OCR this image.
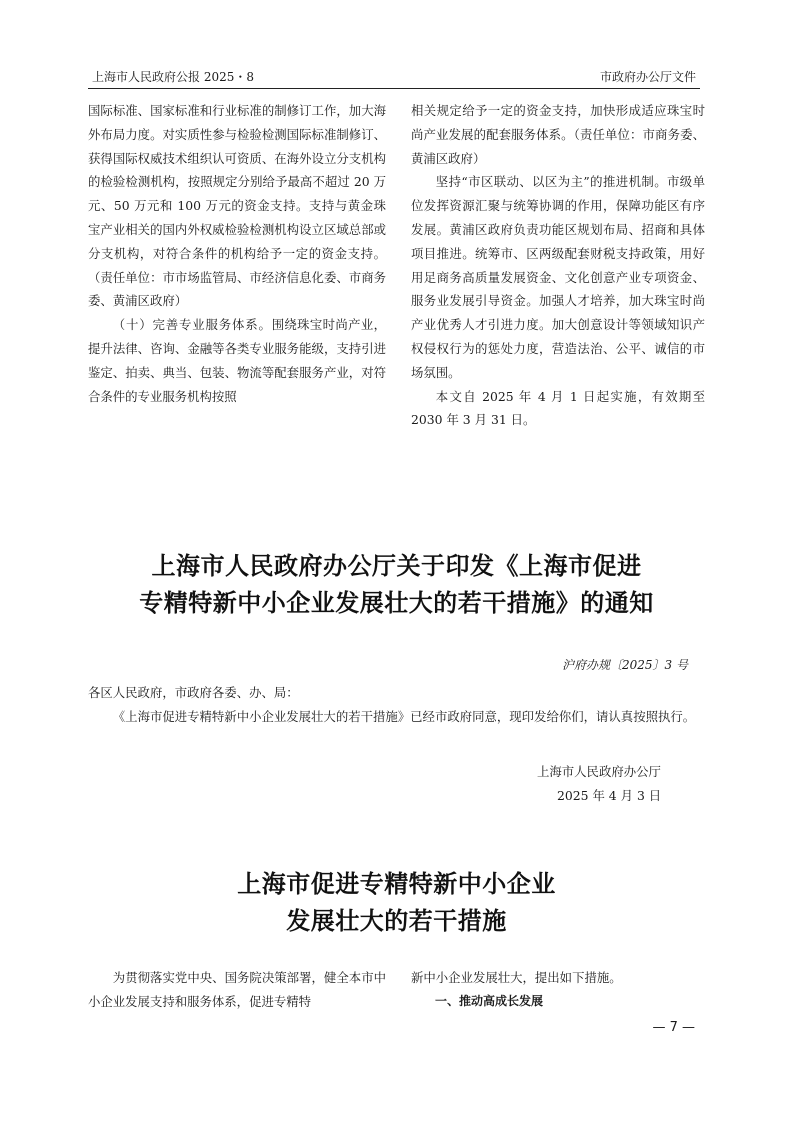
上海市人民政府公报 2025・8	市政府办公厅文件

国际标准、国家标准和行业标准的制修订工作，加大海外布局力度。对实质性参与检验检测国际标准制修订、获得国际权威技术组织认可资质、在海外设立分支机构的检验检测机构，按照规定分别给予最高不超过 20 万元、50 万元和 100 万元的资金支持。支持与黄金珠宝产业相关的国内外权威检验检测机构设立区域总部或分支机构，对符合条件的机构给予一定的资金支持。（责任单位：市市场监管局、市经济信息化委、市商务委、黄浦区政府）

（十）完善专业服务体系。围绕珠宝时尚产业，提升法律、咨询、金融等各类专业服务能级，支持引进鉴定、拍卖、典当、包装、物流等配套服务产业，对符合条件的专业服务机构按照

相关规定给予一定的资金支持，加快形成适应珠宝时尚产业发展的配套服务体系。（责任单位：市商务委、黄浦区政府）

坚持“市区联动、以区为主”的推进机制。市级单位发挥资源汇聚与统筹协调的作用，保障功能区有序发展。黄浦区政府负责功能区规划布局、招商和具体项目推进。统筹市、区两级配套财税支持政策，用好用足商务高质量发展资金、文化创意产业专项资金、服务业发展引导资金。加强人才培养，加大珠宝时尚产业优秀人才引进力度。加大创意设计等领域知识产权侵权行为的惩处力度，营造法治、公平、诚信的市场氛围。

本文自 2025 年 4 月 1 日起实施，有效期至 2030 年 3 月 31 日。

上海市人民政府办公厅关于印发《上海市促进
专精特新中小企业发展壮大的若干措施》的通知
沪府办规〔2025〕3 号

各区人民政府，市政府各委、办、局：

《上海市促进专精特新中小企业发展壮大的若干措施》已经市政府同意，现印发给你们，请认真按照执行。

上海市人民政府办公厅
2025 年 4 月 3 日
上海市促进专精特新中小企业
发展壮大的若干措施

为贯彻落实党中央、国务院决策部署，健全本市中小企业发展支持和服务体系，促进专精特

新中小企业发展壮大，提出如下措施。

一、推动高成长发展

— 7 —
